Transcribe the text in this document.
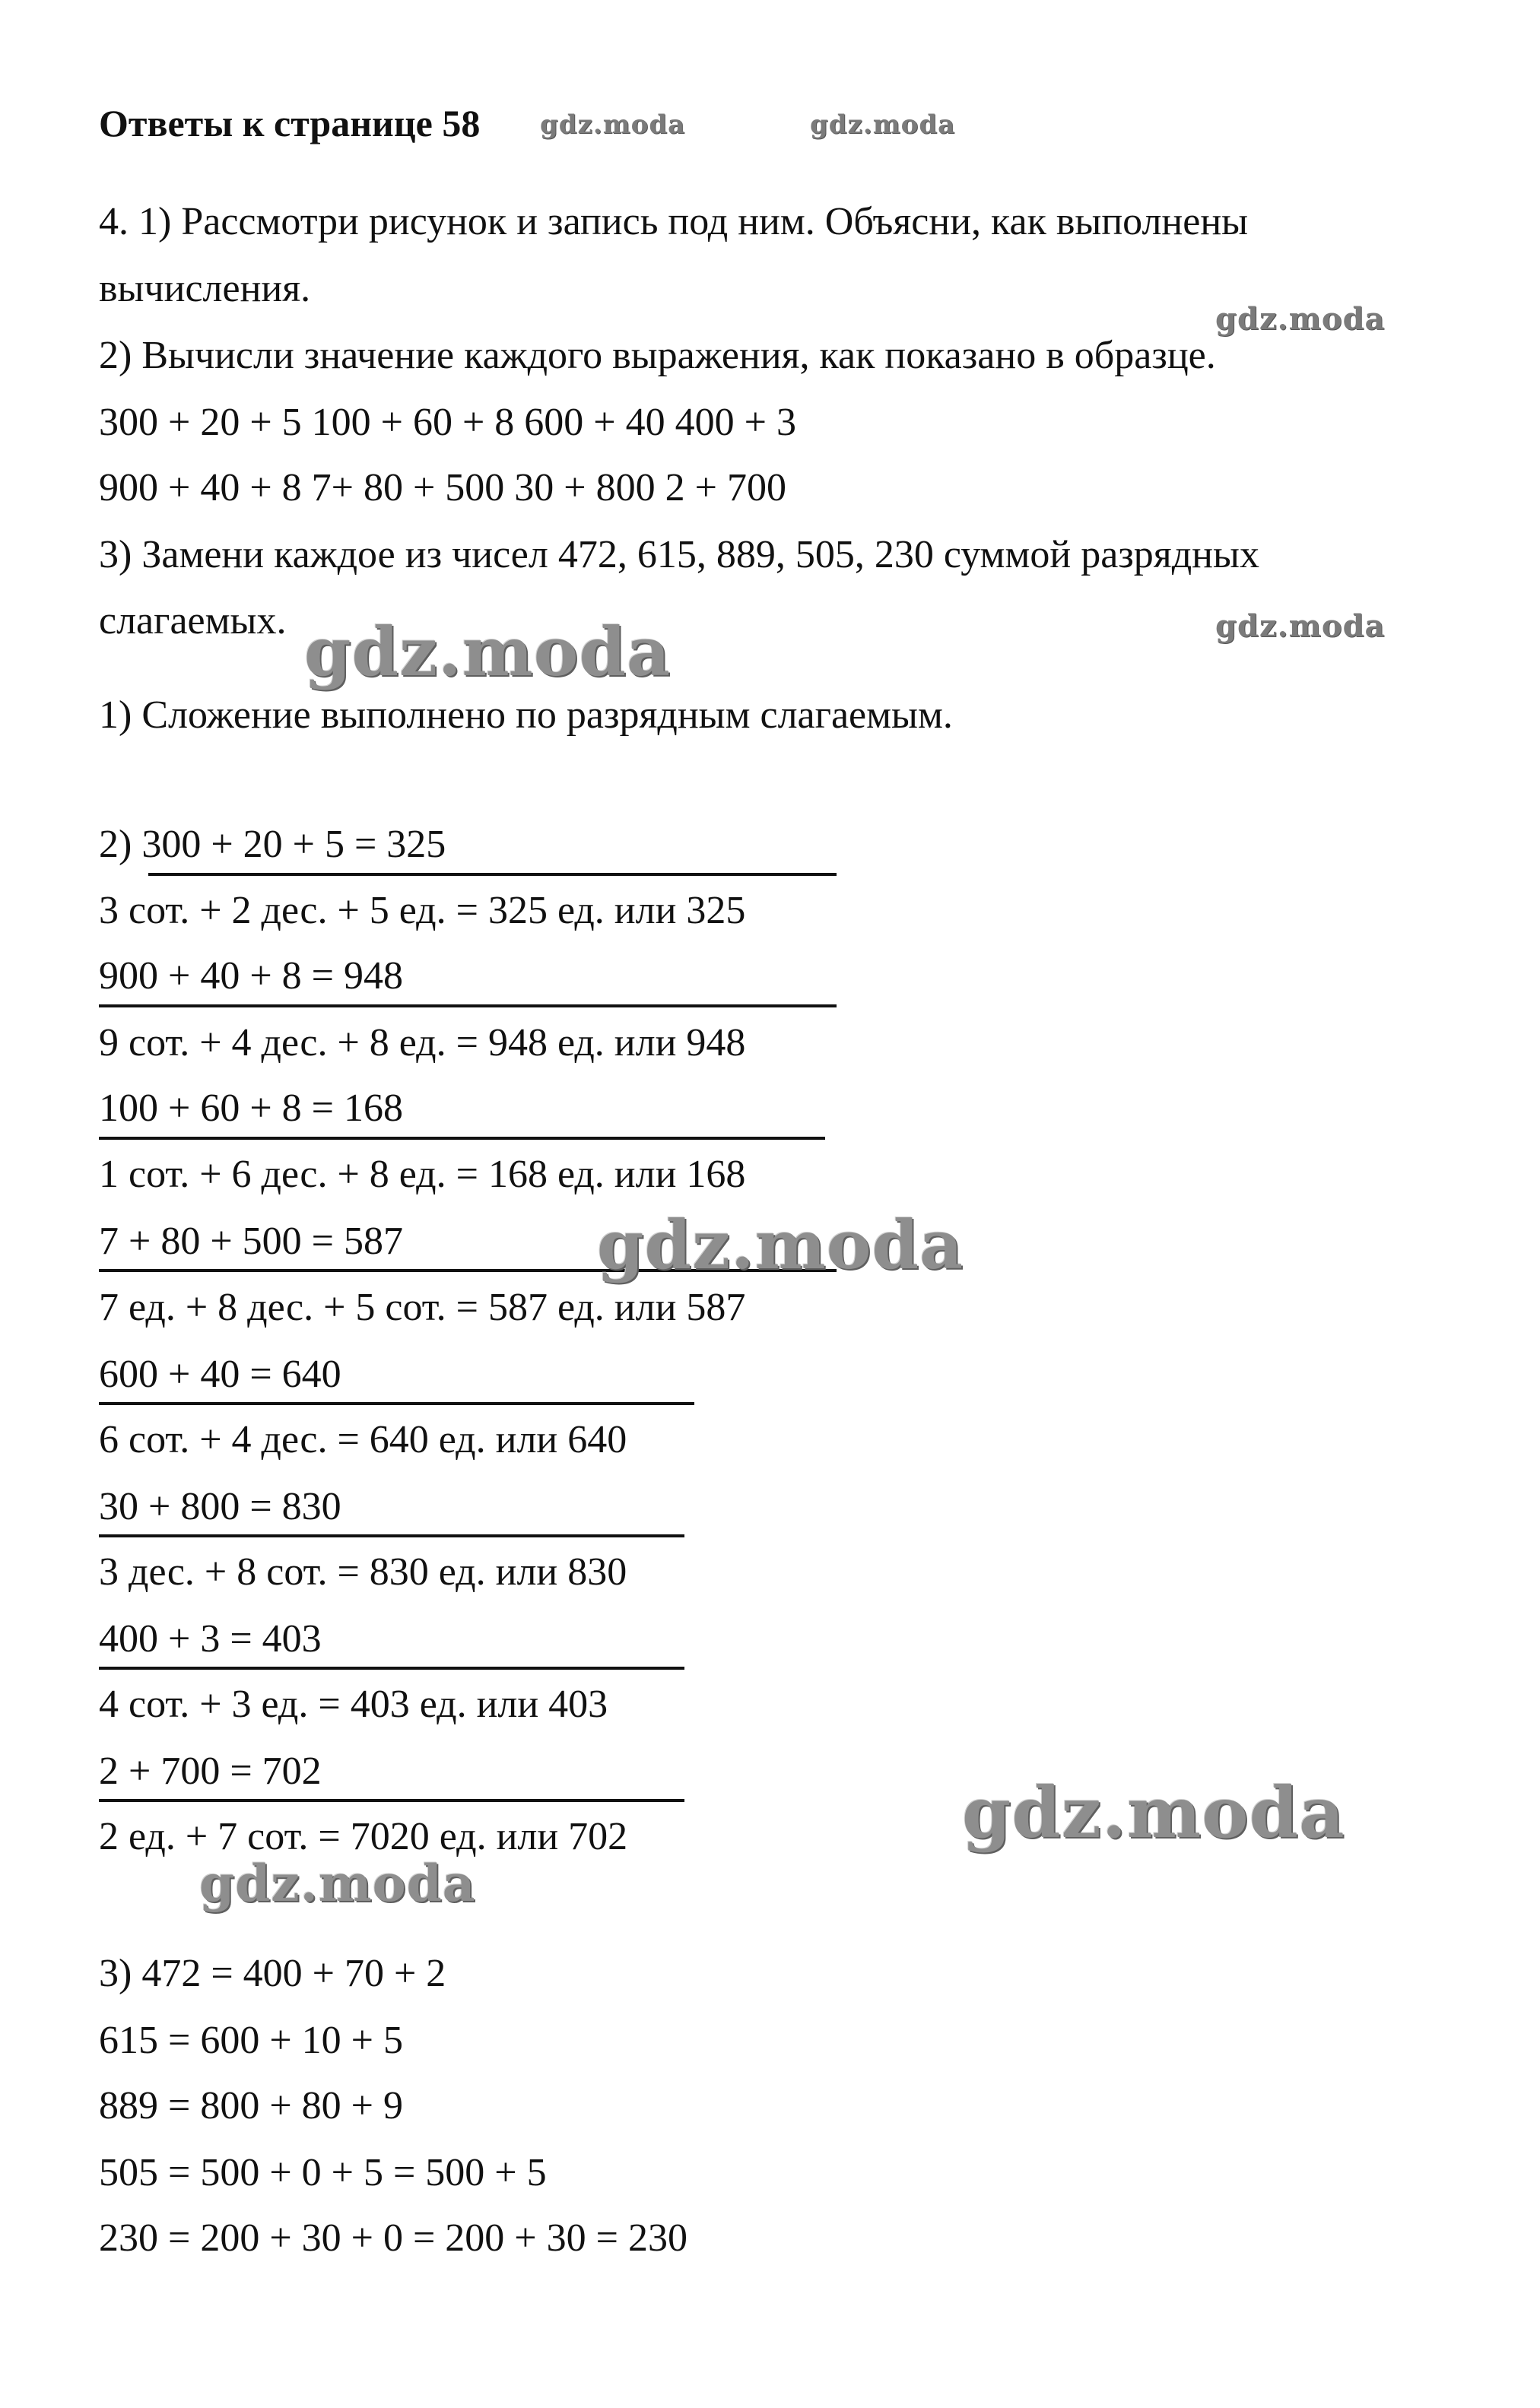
Ответы к странице 58
4. 1) Рассмотри рисунок и запись под ним. Объясни, как выполнены
вычисления.
2) Вычисли значение каждого выражения, как показано в образце.
300 + 20 + 5 100 + 60 + 8 600 + 40 400 + 3
900 + 40 + 8 7+ 80 + 500 30 + 800 2 + 700
3) Замени каждое из чисел 472, 615, 889, 505, 230 суммой разрядных
слагаемых.
1) Сложение выполнено по разрядным слагаемым.
2) 300 + 20 + 5 = 325
3 сот. + 2 дес. + 5 ед. = 325 ед. или 325
900 + 40 + 8 = 948
9 сот. + 4 дес. + 8 ед. = 948 ед. или 948
100 + 60 + 8 = 168
1 сот. + 6 дес. + 8 ед. = 168 ед. или 168
7 + 80 + 500 = 587
7 ед. + 8 дес. + 5 сот. = 587 ед. или 587
600 + 40 = 640
6 сот. + 4 дес. = 640 ед. или 640
30 + 800 = 830
3 дес. + 8 сот. = 830 ед. или 830
400 + 3 = 403
4 сот. + 3 ед. = 403 ед. или 403
2 + 700 = 702
2 ед. + 7 сот. = 7020 ед. или 702
3) 472 = 400 + 70 + 2
615 = 600 + 10 + 5
889 = 800 + 80 + 9
505 = 500 + 0 + 5 = 500 + 5
230 = 200 + 30 + 0 = 200 + 30 = 230
gdz.moda	gdz.moda
gdz.moda
gdz.moda
gdz.moda
gdz.moda
gdz.moda
gdz.moda
